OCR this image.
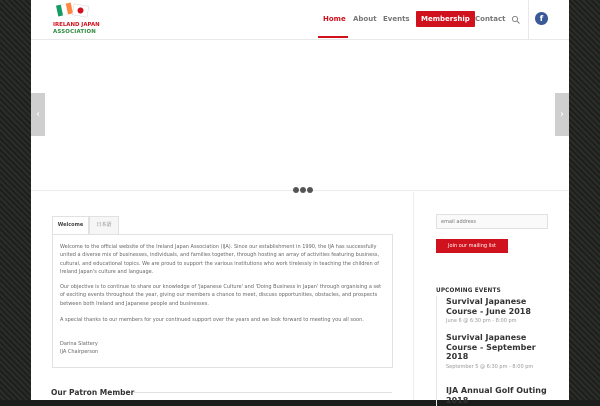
IRELAND JAPAN
ASSOCIATION
Home About Events	Membership Contact	f
‹	›
Welcome	日本語

Welcome to the official website of the Ireland Japan Association (IJA). Since our establishment in 1990, the IJA has successfully united a diverse mix of businesses, individuals, and families together, through hosting an array of activities featuring business, cultural, and educational topics. We are proud to support the various institutions who work tirelessly in teaching the children of Ireland Japan's culture and language.

Our objective is to continue to share our knowledge of 'Japanese Culture' and 'Doing Business in Japan' through organising a set of exciting events throughout the year, giving our members a chance to meet, discuss opportunities, obstacles, and prospects between both Ireland and Japanese people and businesses.

A special thanks to our members for your continued support over the years and we look forward to meeting you all soon.

Darina Slattery

IJA Chairperson

Our Patron Member
email address
Join our mailing list
UPCOMING EVENTS
Survival Japanese Course - June 2018
June 6 @ 6:30 pm - 8:00 pm
Survival Japanese Course - September 2018
September 5 @ 6:30 pm - 8:00 pm
IJA Annual Golf Outing 2018
